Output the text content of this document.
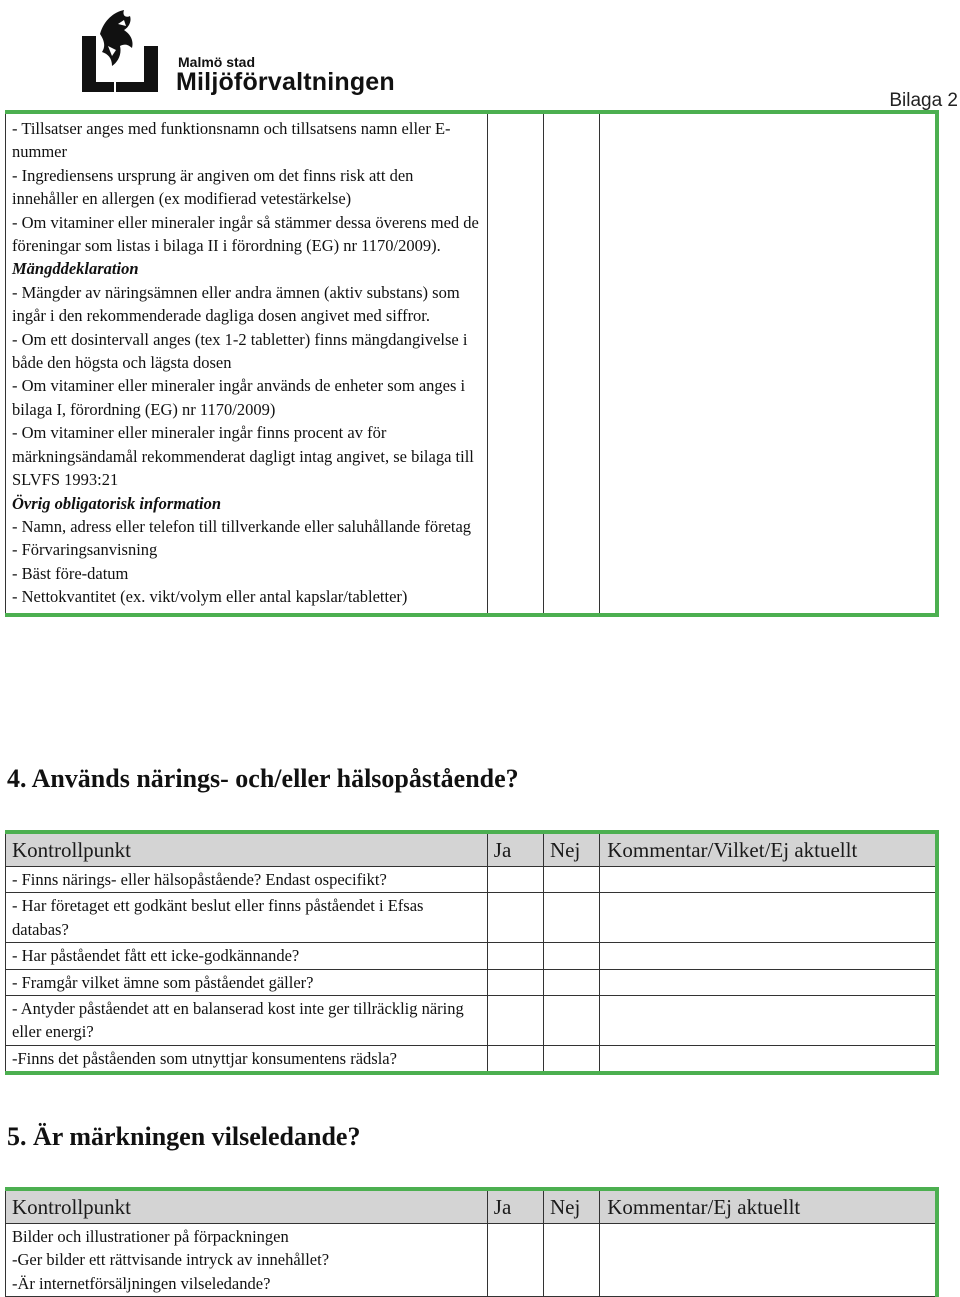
Malmö stad
Miljöförvaltningen
Bilaga 2
- Tillsatser anges med funktionsnamn och tillsatsens namn eller E-nummer
- Ingrediensens ursprung är angiven om det finns risk att den innehåller en allergen (ex modifierad vetestärkelse)
- Om vitaminer eller mineraler ingår så stämmer dessa överens med de föreningar som listas i bilaga II i förordning (EG) nr 1170/2009).
Mängddeklaration
- Mängder av näringsämnen eller andra ämnen (aktiv substans) som ingår i den rekommenderade dagliga dosen angivet med siffror.
- Om ett dosintervall anges (tex 1-2 tabletter) finns mängdangivelse i både den högsta och lägsta dosen
- Om vitaminer eller mineraler ingår används de enheter som anges i bilaga I, förordning (EG) nr 1170/2009)
- Om vitaminer eller mineraler ingår finns procent av för märkningsändamål rekommenderat dagligt intag angivet, se bilaga till SLVFS 1993:21
Övrig obligatorisk information
- Namn, adress eller telefon till tillverkande eller saluhållande företag
- Förvaringsanvisning
- Bäst före-datum
- Nettokvantitet (ex. vikt/volym eller antal kapslar/tabletter)

4. Används närings- och/eller hälsopåstående?
Kontrollpunkt	Ja	Nej	Kommentar/Vilket/Ej aktuellt
- Finns närings- eller hälsopåstående? Endast ospecifikt?			
- Har företaget ett godkänt beslut eller finns påståendet i Efsas databas?			
- Har påståendet fått ett icke-godkännande?			
- Framgår vilket ämne som påståendet gäller?			
- Antyder påståendet att en balanserad kost inte ger tillräcklig näring eller energi?			
-Finns det påståenden som utnyttjar konsumentens rädsla?			
5. Är märkningen vilseledande?
Kontrollpunkt	Ja	Nej	Kommentar/Ej aktuellt

Bilder och illustrationer på förpackningen
-Ger bilder ett rättvisande intryck av innehållet?
-Är internetförsäljningen vilseledande?			
